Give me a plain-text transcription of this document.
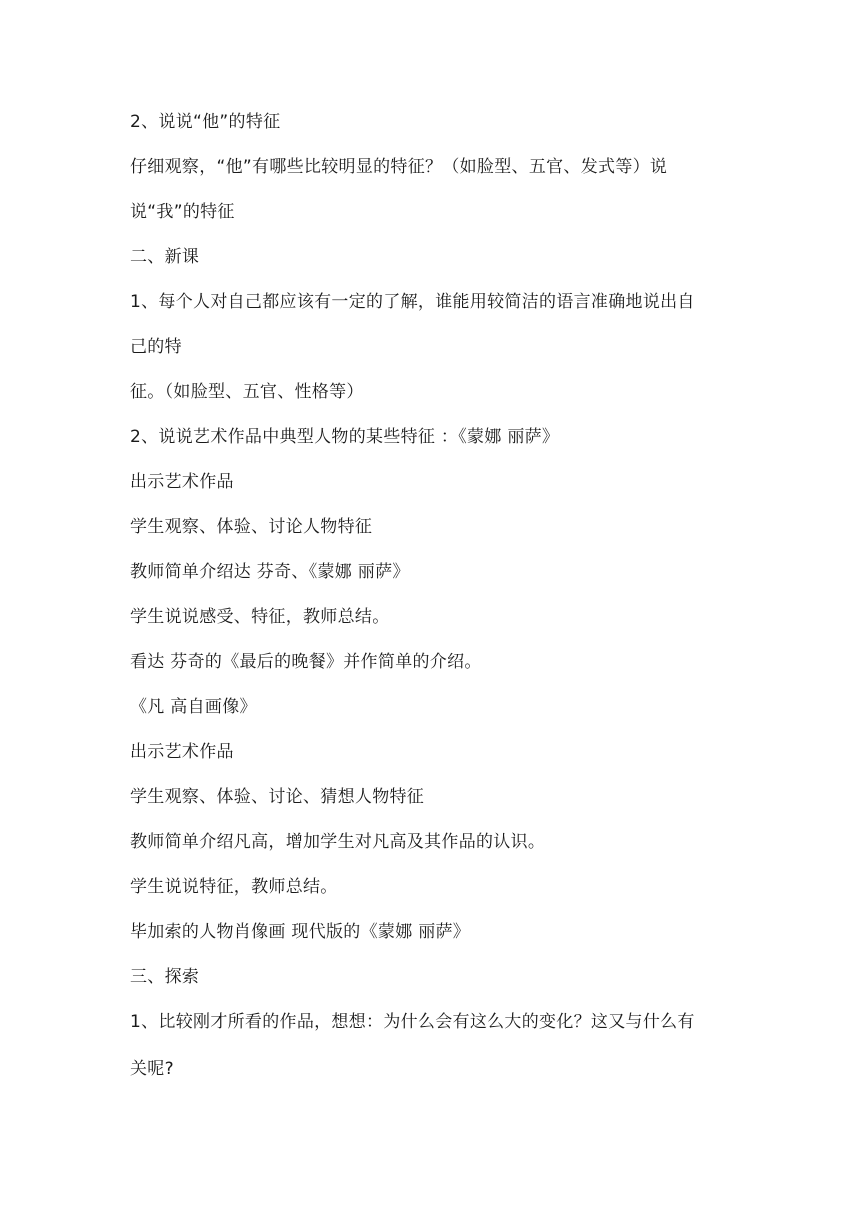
2、说说“他”的特征

仔细观察，“他”有哪些比较明显的特征？（如脸型、五官、发式等）说

说“我”的特征

二、新课

1、每个人对自己都应该有一定的了解，谁能用较简洁的语言准确地说出自

己的特

征。（如脸型、五官、性格等）

2、说说艺术作品中典型人物的某些特征 ：《蒙娜 丽萨》

出示艺术作品

学生观察、体验、讨论人物特征

教师简单介绍达 芬奇、《蒙娜 丽萨》

学生说说感受、特征，教师总结。

看达 芬奇的《最后的晚餐》并作简单的介绍。

《凡 高自画像》

出示艺术作品

学生观察、体验、讨论、猜想人物特征

教师简单介绍凡高，增加学生对凡高及其作品的认识。

学生说说特征，教师总结。

毕加索的人物肖像画 现代版的《蒙娜 丽萨》

三、探索

1、比较刚才所看的作品，想想：为什么会有这么大的变化？这又与什么有

关呢?
